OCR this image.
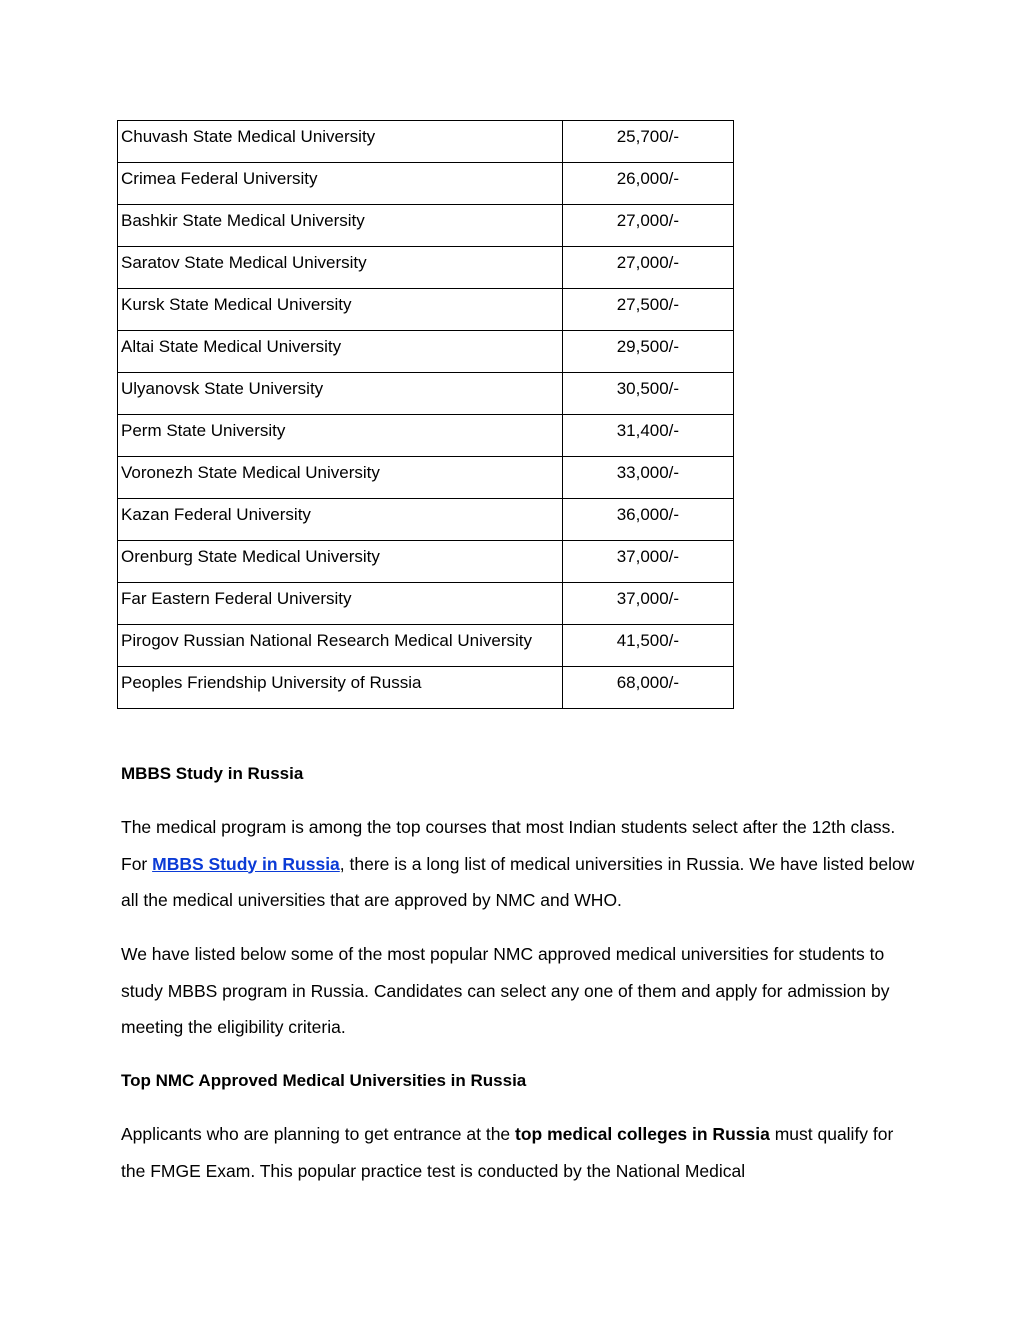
Chuvash State Medical University	25,700/-
Crimea Federal University	26,000/-
Bashkir State Medical University	27,000/-
Saratov State Medical University	27,000/-
Kursk State Medical University	27,500/-
Altai State Medical University	29,500/-
Ulyanovsk State University	30,500/-
Perm State University	31,400/-
Voronezh State Medical University	33,000/-
Kazan Federal University	36,000/-
Orenburg State Medical University	37,000/-
Far Eastern Federal University	37,000/-
Pirogov Russian National Research Medical University	41,500/-
Peoples Friendship University of Russia	68,000/-
MBBS Study in Russia
The medical program is among the top courses that most Indian students select after the 12th class. For MBBS Study in Russia, there is a long list of medical universities in Russia. We have listed below all the medical universities that are approved by NMC and WHO.
We have listed below some of the most popular NMC approved medical universities for students to study MBBS program in Russia. Candidates can select any one of them and apply for admission by meeting the eligibility criteria.
Top NMC Approved Medical Universities in Russia
Applicants who are planning to get entrance at the top medical colleges in Russia must qualify for the FMGE Exam. This popular practice test is conducted by the National Medical
